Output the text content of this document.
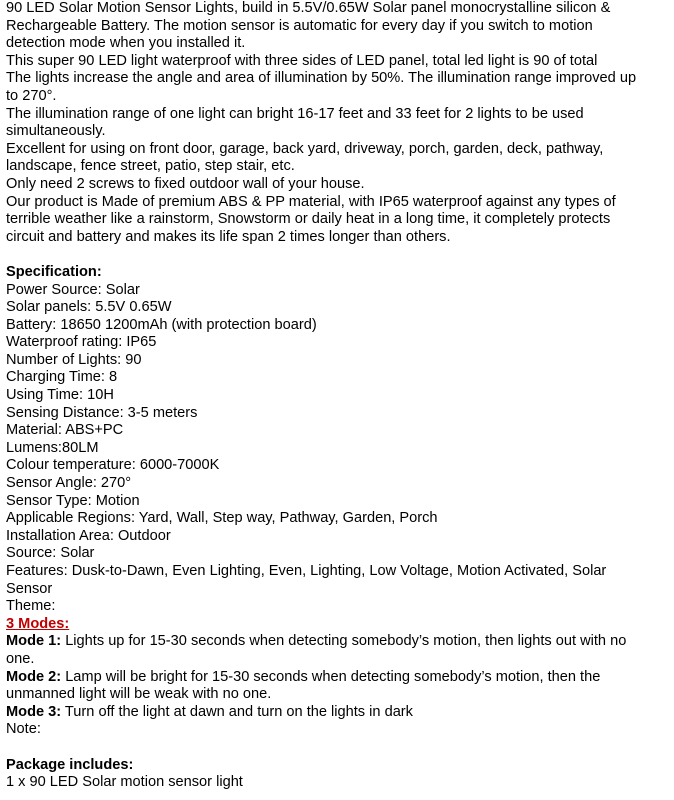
90 LED Solar Motion Sensor Lights, build in 5.5V/0.65W Solar panel monocrystalline silicon &

Rechargeable Battery. The motion sensor is automatic for every day if you switch to motion

detection mode when you installed it.

This super 90 LED light waterproof with three sides of LED panel, total led light is 90 of total

The lights increase the angle and area of illumination by 50%. The illumination range improved up

to 270°.

The illumination range of one light can bright 16-17 feet and 33 feet for 2 lights to be used

simultaneously.

Excellent for using on front door, garage, back yard, driveway, porch, garden, deck, pathway,

landscape, fence street, patio, step stair, etc.

Only need 2 screws to fixed outdoor wall of your house.

Our product is Made of premium ABS & PP material, with IP65 waterproof against any types of

terrible weather like a rainstorm, Snowstorm or daily heat in a long time, it completely protects

circuit and battery and makes its life span 2 times longer than others.

Specification:

Power Source: Solar

Solar panels: 5.5V 0.65W

Battery: 18650 1200mAh (with protection board)

Waterproof rating: IP65

Number of Lights: 90

Charging Time: 8

Using Time: 10H

Sensing Distance: 3-5 meters

Material: ABS+PC

Lumens:80LM

Colour temperature: 6000-7000K

Sensor Angle: 270°

Sensor Type: Motion

Applicable Regions: Yard, Wall, Step way, Pathway, Garden, Porch

Installation Area: Outdoor

Source: Solar

Features: Dusk-to-Dawn, Even Lighting, Even, Lighting, Low Voltage, Motion Activated, Solar

Sensor

Theme:

3 Modes:

Mode 1: Lights up for 15-30 seconds when detecting somebody’s motion, then lights out with no

one.

Mode 2: Lamp will be bright for 15-30 seconds when detecting somebody’s motion, then the

unmanned light will be weak with no one.

Mode 3: Turn off the light at dawn and turn on the lights in dark

Note:

Package includes:

1 x 90 LED Solar motion sensor light
